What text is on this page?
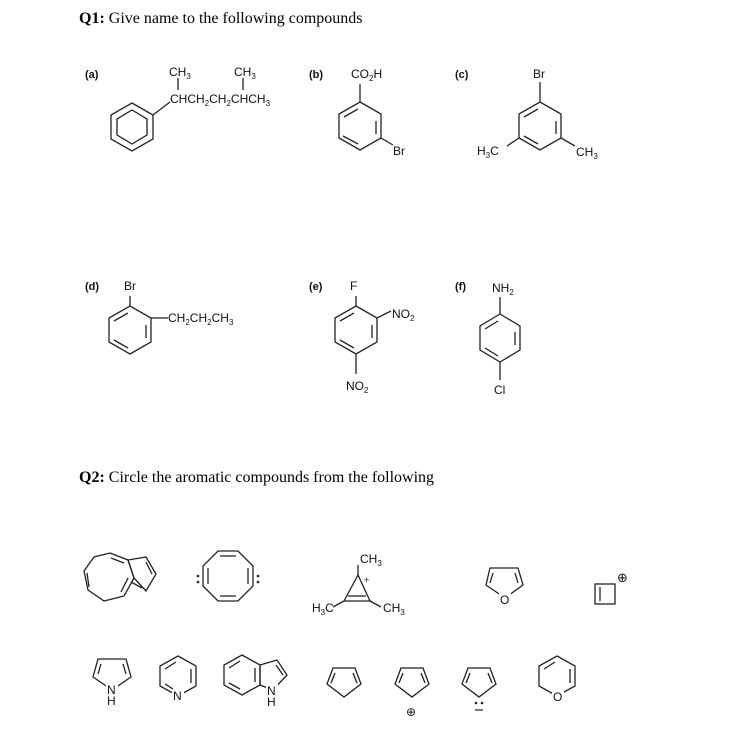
Q1: Give name to the following compounds
Q2: Circle the aromatic compounds from the following
(a)	$CH_3$	$CH_3$
$CHCH_2CH_2CHCH_3$
(b) $CO_2H$
Br
(c)	Br
$H_3C$	$CH_3$
(d) Br
$CH_2CH_2CH_3$
(e) F
$NO_2$
$NO_2$
(f) $NH_2$
Cl
$CH_3$
+
$H_3C$	$CH_3$
O
⊕
N
H	N	N
H
⊕
O
